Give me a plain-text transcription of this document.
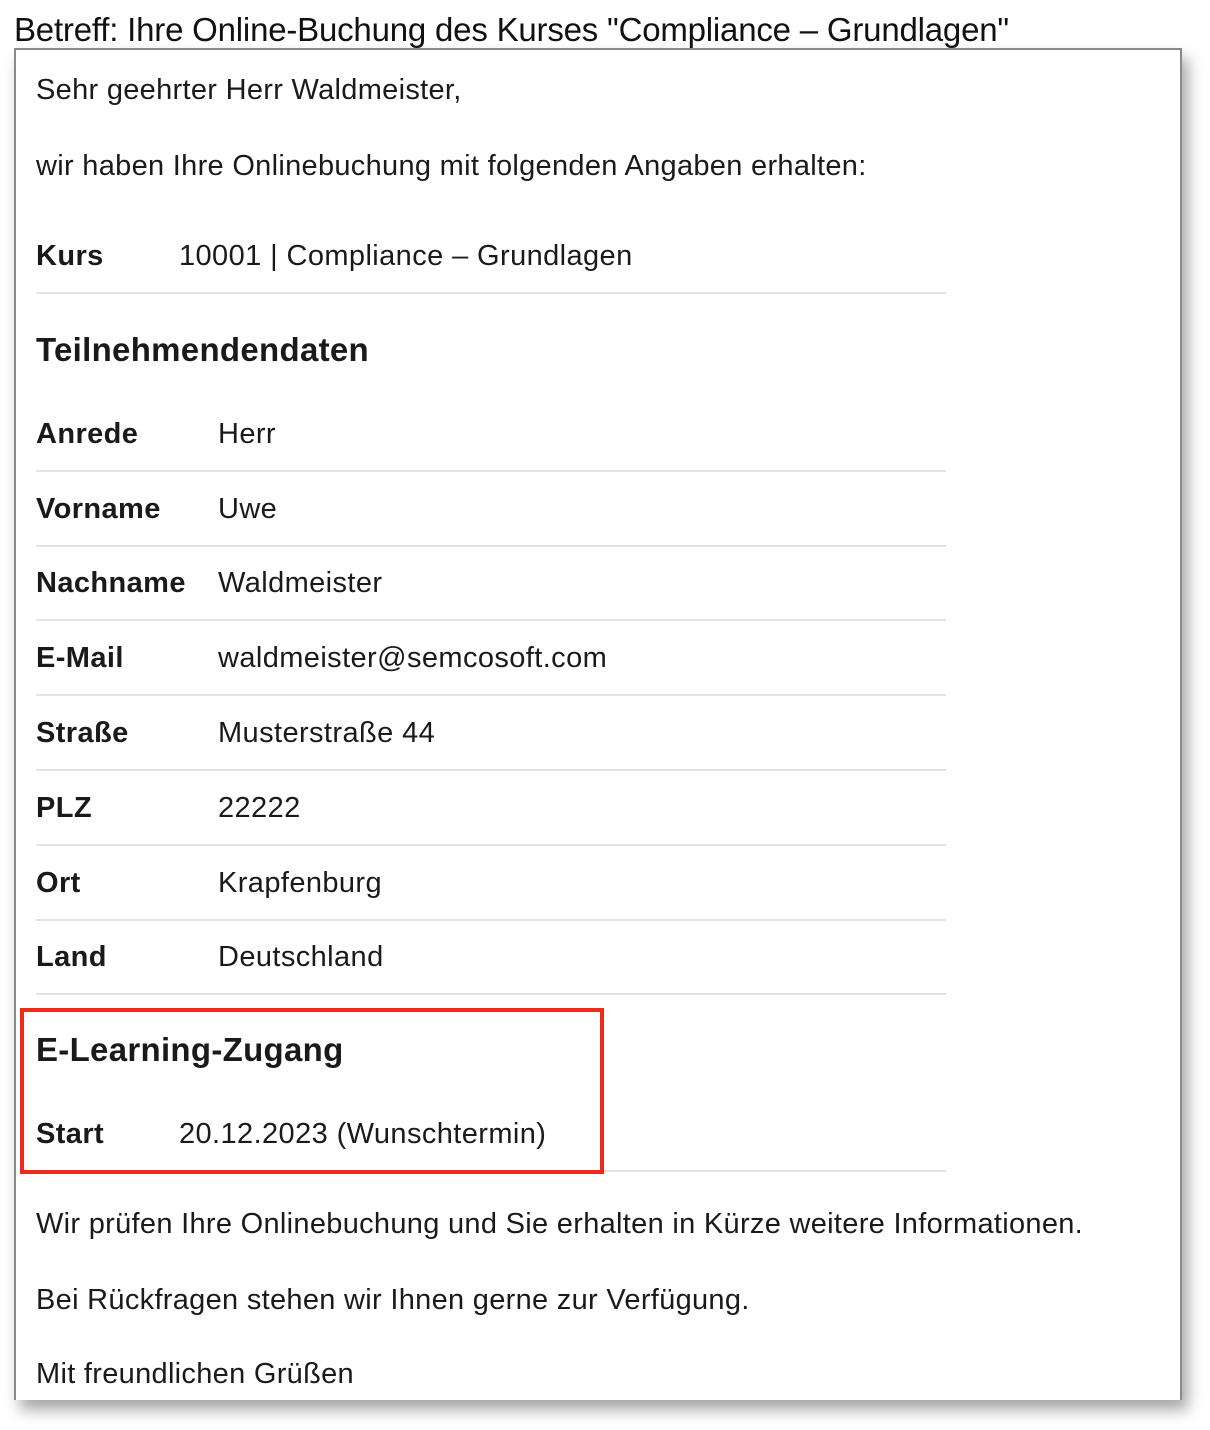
Betreff: Ihre Online-Buchung des Kurses "Compliance – Grundlagen"
Sehr geehrter Herr Waldmeister,
wir haben Ihre Onlinebuchung mit folgenden Angaben erhalten:
Kurs	10001 | Compliance – Grundlagen
Teilnehmendendaten
Anrede	Herr
Vorname Uwe
Nachname Waldmeister
E-Mail	waldmeister@semcosoft.com
Straße	Musterstraße 44
PLZ	22222
Ort	Krapfenburg
Land	Deutschland
E-Learning-Zugang
Start	20.12.2023 (Wunschtermin)
Wir prüfen Ihre Onlinebuchung und Sie erhalten in Kürze weitere Informationen.
Bei Rückfragen stehen wir Ihnen gerne zur Verfügung.
Mit freundlichen Grüßen
